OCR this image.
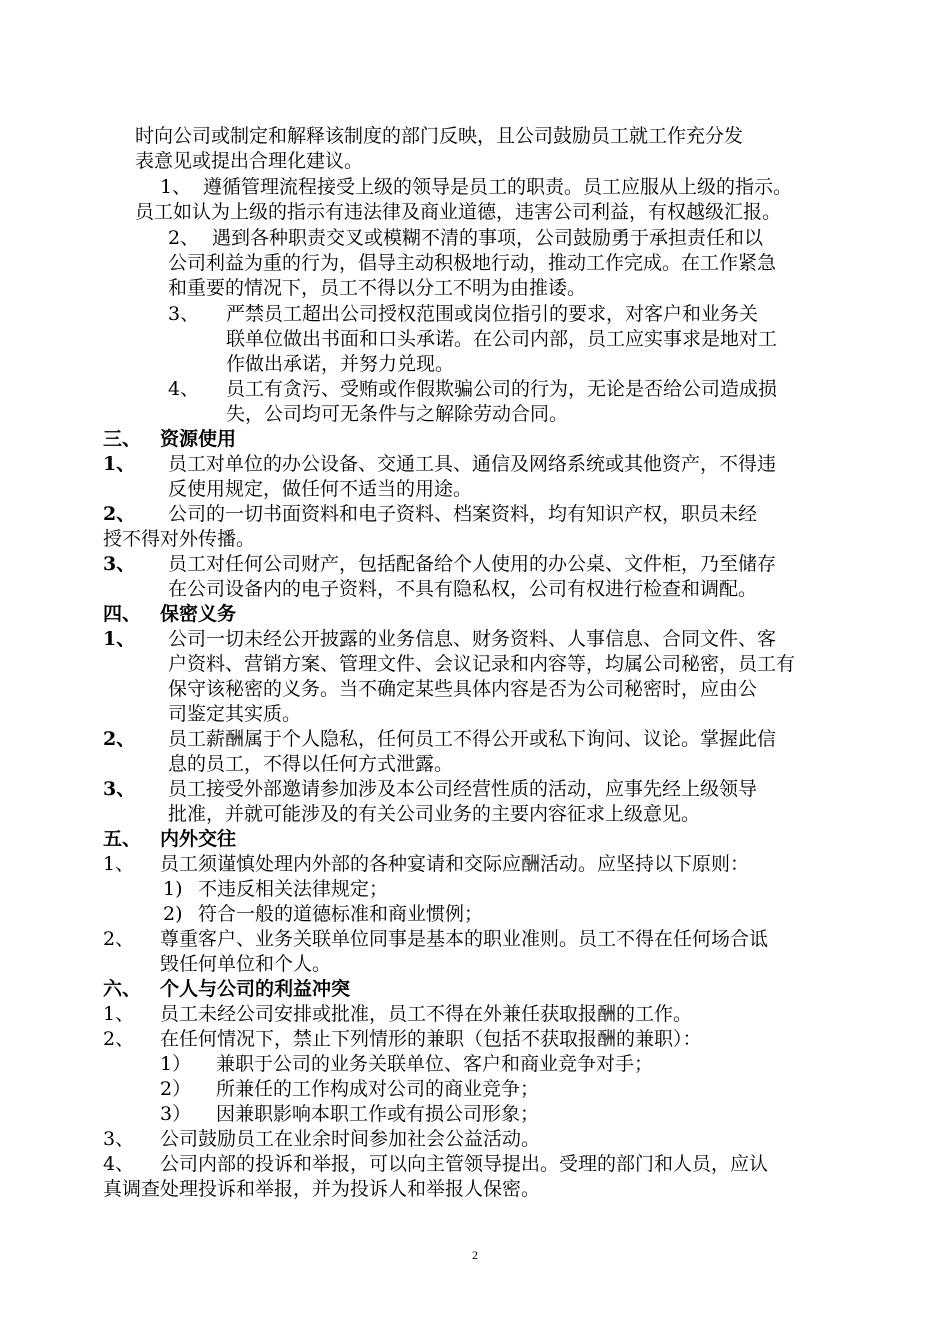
时向公司或制定和解释该制度的部门反映，且公司鼓励员工就工作充分发
表意见或提出合理化建议。
1、 遵循管理流程接受上级的领导是员工的职责。员工应服从上级的指示。
员工如认为上级的指示有违法律及商业道德，违害公司利益，有权越级汇报。
2、 遇到各种职责交叉或模糊不清的事项，公司鼓励勇于承担责任和以
公司利益为重的行为，倡导主动积极地行动，推动工作完成。在工作紧急
和重要的情况下，员工不得以分工不明为由推诿。
3、 严禁员工超出公司授权范围或岗位指引的要求，对客户和业务关
联单位做出书面和口头承诺。在公司内部，员工应实事求是地对工
作做出承诺，并努力兑现。
4、 员工有贪污、受贿或作假欺骗公司的行为，无论是否给公司造成损
失，公司均可无条件与之解除劳动合同。
三、 资源使用
1、 员工对单位的办公设备、交通工具、通信及网络系统或其他资产，不得违
反使用规定，做任何不适当的用途。
2、 公司的一切书面资料和电子资料、档案资料，均有知识产权，职员未经
授不得对外传播。
3、 员工对任何公司财产，包括配备给个人使用的办公桌、文件柜，乃至储存
在公司设备内的电子资料，不具有隐私权，公司有权进行检查和调配。
四、 保密义务
1、 公司一切未经公开披露的业务信息、财务资料、人事信息、合同文件、客
户资料、营销方案、管理文件、会议记录和内容等，均属公司秘密，员工有
保守该秘密的义务。当不确定某些具体内容是否为公司秘密时，应由公
司鉴定其实质。
2、 员工薪酬属于个人隐私，任何员工不得公开或私下询问、议论。掌握此信
息的员工，不得以任何方式泄露。
3、 员工接受外部邀请参加涉及本公司经营性质的活动，应事先经上级领导
批准，并就可能涉及的有关公司业务的主要内容征求上级意见。
五、 内外交往
1、 员工须谨慎处理内外部的各种宴请和交际应酬活动。应坚持以下原则：
1) 不违反相关法律规定；
2) 符合一般的道德标准和商业惯例；
2、 尊重客户、业务关联单位同事是基本的职业准则。员工不得在任何场合诋
毁任何单位和个人。
六、 个人与公司的利益冲突
1、 员工未经公司安排或批准，员工不得在外兼任获取报酬的工作。
2、 在任何情况下，禁止下列情形的兼职（包括不获取报酬的兼职）：
1） 兼职于公司的业务关联单位、客户和商业竞争对手；
2） 所兼任的工作构成对公司的商业竞争；
3） 因兼职影响本职工作或有损公司形象；
3、 公司鼓励员工在业余时间参加社会公益活动。
4、 公司内部的投诉和举报，可以向主管领导提出。受理的部门和人员，应认
真调查处理投诉和举报，并为投诉人和举报人保密。
2
